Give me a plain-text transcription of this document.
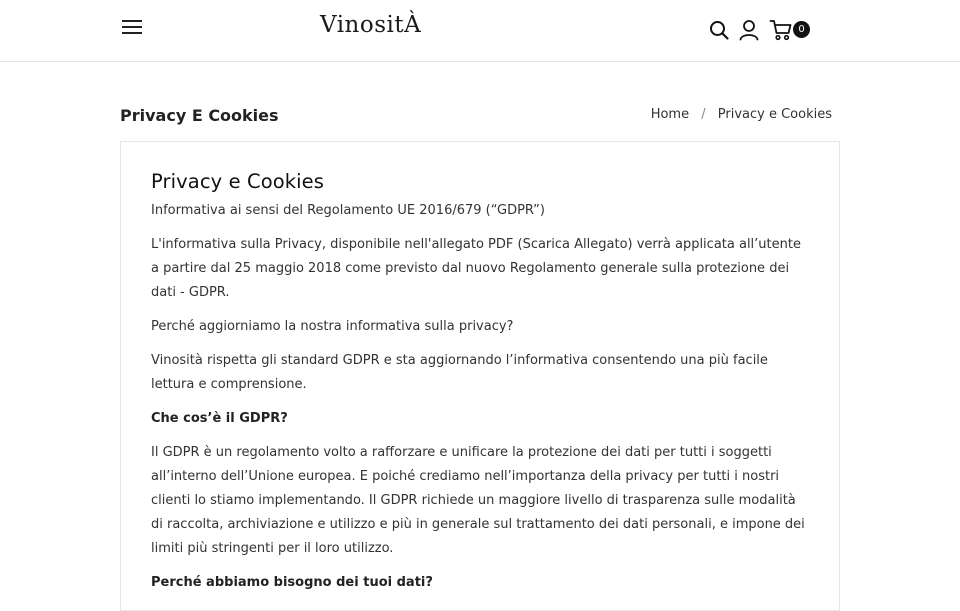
VinositÀ	0
Privacy E Cookies	Home / Privacy e Cookies
Privacy e Cookies

Informativa ai sensi del Regolamento UE 2016/679 (“GDPR”)

L'informativa sulla Privacy, disponibile nell'allegato PDF (Scarica Allegato) verrà applicata all’utente a partire dal 25 maggio 2018 come previsto dal nuovo Regolamento generale sulla protezione dei dati - GDPR.

Perché aggiorniamo la nostra informativa sulla privacy?

Vinosità rispetta gli standard GDPR e sta aggiornando l’informativa consentendo una più facile lettura e comprensione.

Che cos’è il GDPR?

Il GDPR è un regolamento volto a rafforzare e unificare la protezione dei dati per tutti i soggetti all’interno dell’Unione europea. E poiché crediamo nell’importanza della privacy per tutti i nostri clienti lo stiamo implementando. Il GDPR richiede un maggiore livello di trasparenza sulle modalità di raccolta, archiviazione e utilizzo e più in generale sul trattamento dei dati personali, e impone dei limiti più stringenti per il loro utilizzo.

Perché abbiamo bisogno dei tuoi dati?
